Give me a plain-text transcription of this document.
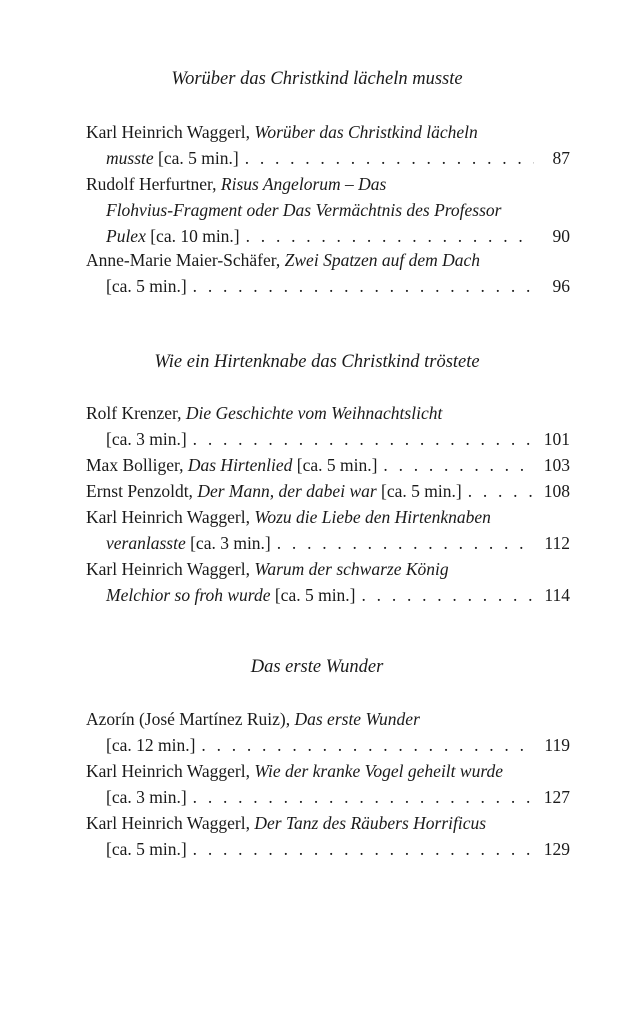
Worüber das Christkind lächeln musste
Karl Heinrich Waggerl, Worüber das Christkind lächeln
musste [ca. 5 min.] . . .	87
Rudolf Herfurtner, Risus Angelorum – Das
Flohvius-Fragment oder Das Vermächtnis des Professor
Pulex [ca. 10 min.] . . .	90
Anne-Marie Maier-Schäfer, Zwei Spatzen auf dem Dach
[ca. 5 min.] . . .	96
Wie ein Hirtenknabe das Christkind tröstete
Rolf Krenzer, Die Geschichte vom Weihnachtslicht
[ca. 3 min.] . . .	101
Max Bolliger, Das Hirtenlied [ca. 5 min.] . . .	103
Ernst Penzoldt, Der Mann, der dabei war [ca. 5 min.] . . .	108
Karl Heinrich Waggerl, Wozu die Liebe den Hirtenknaben
veranlasste [ca. 3 min.] . . .	112
Karl Heinrich Waggerl, Warum der schwarze König
Melchior so froh wurde [ca. 5 min.] . . .	114
Das erste Wunder
Azorín (José Martínez Ruiz), Das erste Wunder
[ca. 12 min.] . . .	119
Karl Heinrich Waggerl, Wie der kranke Vogel geheilt wurde
[ca. 3 min.] . . .	127
Karl Heinrich Waggerl, Der Tanz des Räubers Horrificus
[ca. 5 min.] . . .	129
